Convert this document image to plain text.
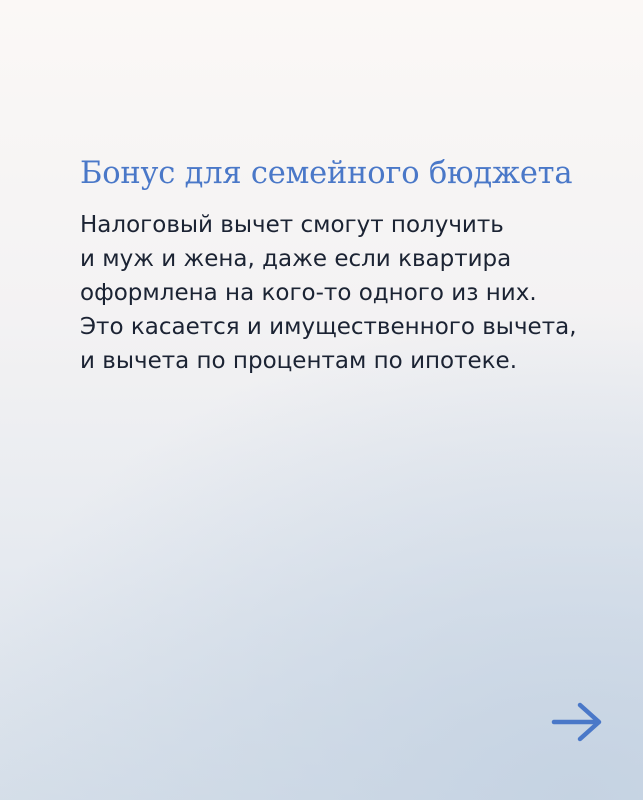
Бонус для семейного бюджета

Налоговый вычет смогут получить
и муж и жена, даже если квартира
оформлена на кого-то одного из них.
Это касается и имущественного вычета,
и вычета по процентам по ипотеке.
